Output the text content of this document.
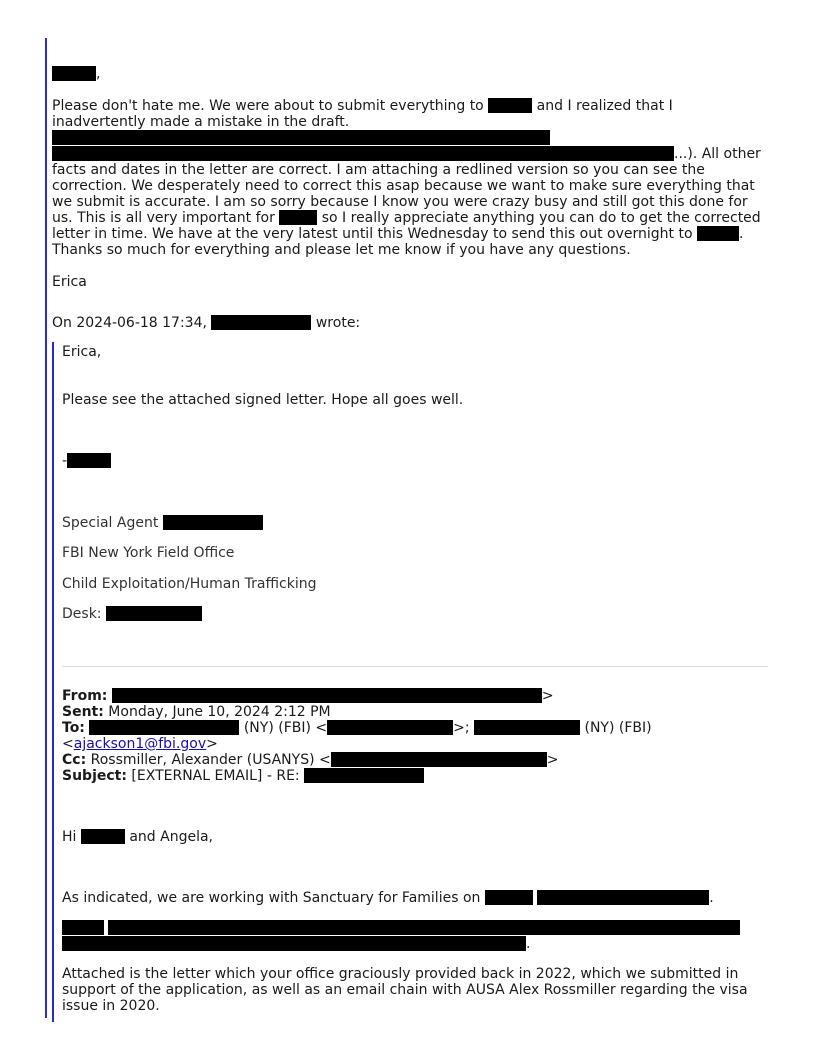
,

Please don't hate me. We were about to submit everything to	and I realized that I inadvertently made a mistake in the draft. ...). All other facts and dates in the letter are correct. I am attaching a redlined version so you can see the correction. We desperately need to correct this asap because we want to make sure everything that we submit is accurate. I am so sorry because I know you were crazy busy and still got this done for us. This is all very important for	so I really appreciate anything you can do to get the corrected letter in time. We have at the very latest until this Wednesday to send this out overnight to	. Thanks so much for everything and please let me know if you have any questions.

Erica

On 2024-06-18 17:34,	wrote:

Erica,

Please see the attached signed letter. Hope all goes well.

-

Special Agent

FBI New York Field Office

Child Exploitation/Human Trafficking

Desk:

From:	>

Sent: Monday, June 10, 2024 2:12 PM

To:	(NY) (FBI) <	>;	(NY) (FBI)

<ajackson1@fbi.gov>

Cc: Rossmiller, Alexander (USANYS) <	>

Subject: [EXTERNAL EMAIL] - RE:

Hi	and Angela,

As indicated, we are working with Sanctuary for Families on	.

.

Attached is the letter which your office graciously provided back in 2022, which we submitted in support of the application, as well as an email chain with AUSA Alex Rossmiller regarding the visa issue in 2020.
